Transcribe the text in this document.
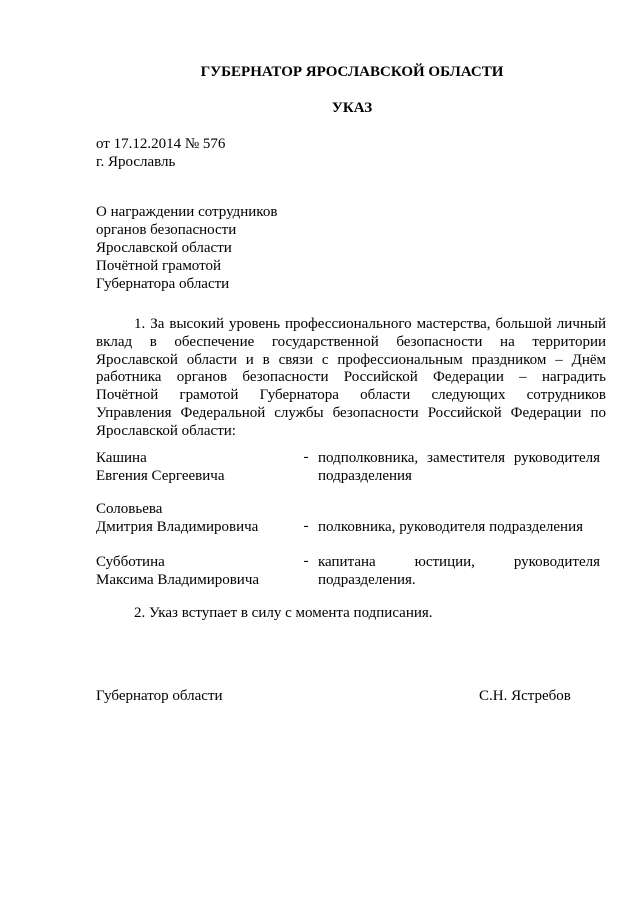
ГУБЕРНАТОР ЯРОСЛАВСКОЙ ОБЛАСТИ
УКАЗ
от 17.12.2014 № 576
г. Ярославль
О награждении сотрудников
органов безопасности
Ярославской области
Почётной грамотой
Губернатора области
1. За высокий уровень профессионального мастерства, большой личный
вклад в обеспечение государственной безопасности на территории
Ярославской области и в связи с профессиональным праздником – Днём
работника органов безопасности Российской Федерации – наградить
Почётной грамотой Губернатора области следующих сотрудников
Управления Федеральной службы безопасности Российской Федерации по
Ярославской области:
Кашина
Евгения Сергеевича
- подполковника, заместителя руководителя
подразделения
Соловьева
Дмитрия Владимировича	- полковника, руководителя подразделения
Субботина
Максима Владимировича
- капитана юстиции, руководителя
подразделения.
2. Указ вступает в силу с момента подписания.
Губернатор области	С.Н. Ястребов
